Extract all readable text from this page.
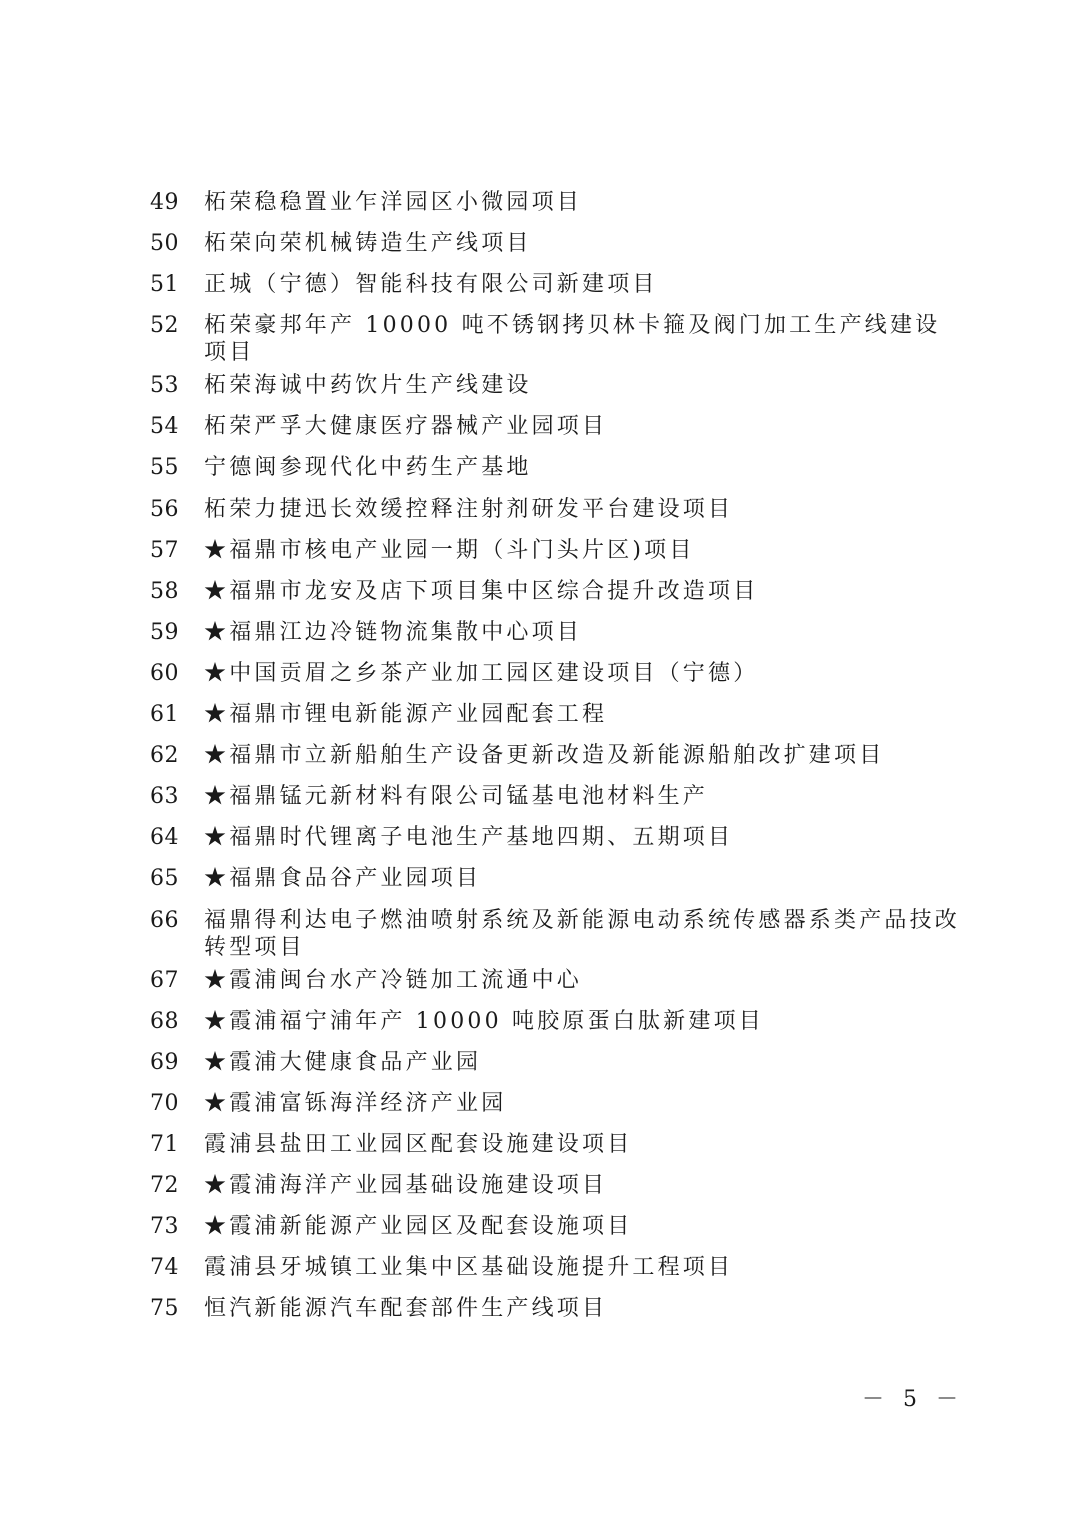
49	柘荣稳稳置业乍洋园区小微园项目
50	柘荣向荣机械铸造生产线项目
51	正城（宁德）智能科技有限公司新建项目
52	柘荣豪邦年产 10000 吨不锈钢拷贝林卡箍及阀门加工生产线建设项目
53	柘荣海诚中药饮片生产线建设
54	柘荣严孚大健康医疗器械产业园项目
55	宁德闽参现代化中药生产基地
56	柘荣力捷迅长效缓控释注射剂研发平台建设项目
57	★福鼎市核电产业园一期（斗门头片区)项目
58	★福鼎市龙安及店下项目集中区综合提升改造项目
59	★福鼎江边冷链物流集散中心项目
60	★中国贡眉之乡茶产业加工园区建设项目（宁德）
61	★福鼎市锂电新能源产业园配套工程
62	★福鼎市立新船舶生产设备更新改造及新能源船舶改扩建项目
63	★福鼎锰元新材料有限公司锰基电池材料生产
64	★福鼎时代锂离子电池生产基地四期、五期项目
65	★福鼎食品谷产业园项目
66	福鼎得利达电子燃油喷射系统及新能源电动系统传感器系类产品技改转型项目
67	★霞浦闽台水产冷链加工流通中心
68	★霞浦福宁浦年产 10000 吨胶原蛋白肽新建项目
69	★霞浦大健康食品产业园
70	★霞浦富铄海洋经济产业园
71	霞浦县盐田工业园区配套设施建设项目
72	★霞浦海洋产业园基础设施建设项目
73	★霞浦新能源产业园区及配套设施项目
74	霞浦县牙城镇工业集中区基础设施提升工程项目
75	恒汽新能源汽车配套部件生产线项目
－ 5 －
